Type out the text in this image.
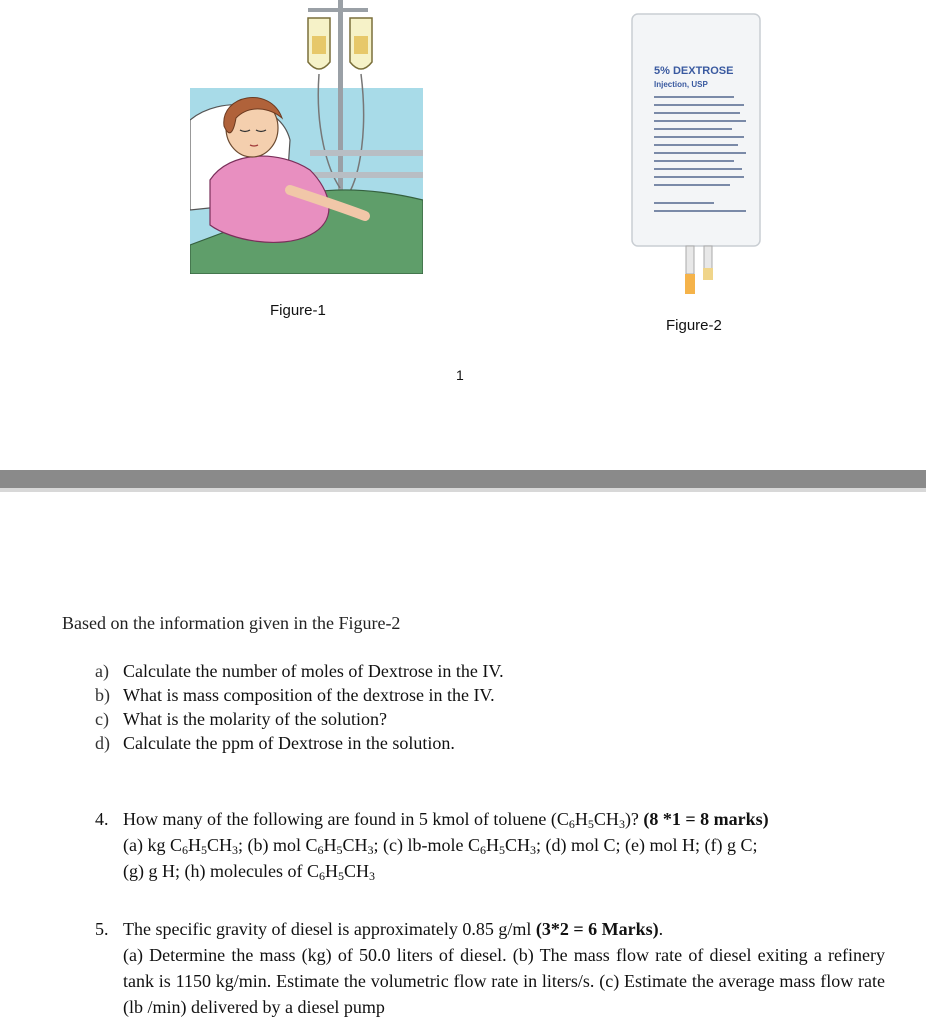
5% DEXTROSE
Injection, USP
Figure-1
Figure-2
1
Based on the information given in the Figure-2
a) Calculate the number of moles of Dextrose in the IV.
b) What is mass composition of the dextrose in the IV.
c) What is the molarity of the solution?
d) Calculate the ppm of Dextrose in the solution.
4. How many of the following are found in 5 kmol of toluene $(C_6H_5CH_3)$? (8 *1 = 8 marks)
(a) kg $C_6H_5CH_3$; (b) mol $C_6H_5CH_3$; (c) lb-mole $C_6H_5CH_3$; (d) mol C; (e) mol H; (f) g C;
(g) g H; (h) molecules of $C_6H_5CH_3$
5. The specific gravity of diesel is approximately 0.85 g/ml (3*2 = 6 Marks).
(a) Determine the mass (kg) of 50.0 liters of diesel. (b) The mass flow rate of diesel exiting a refinery tank is 1150 kg/min. Estimate the volumetric flow rate in liters/s. (c) Estimate the average mass flow rate (lb /min) delivered by a diesel pump
